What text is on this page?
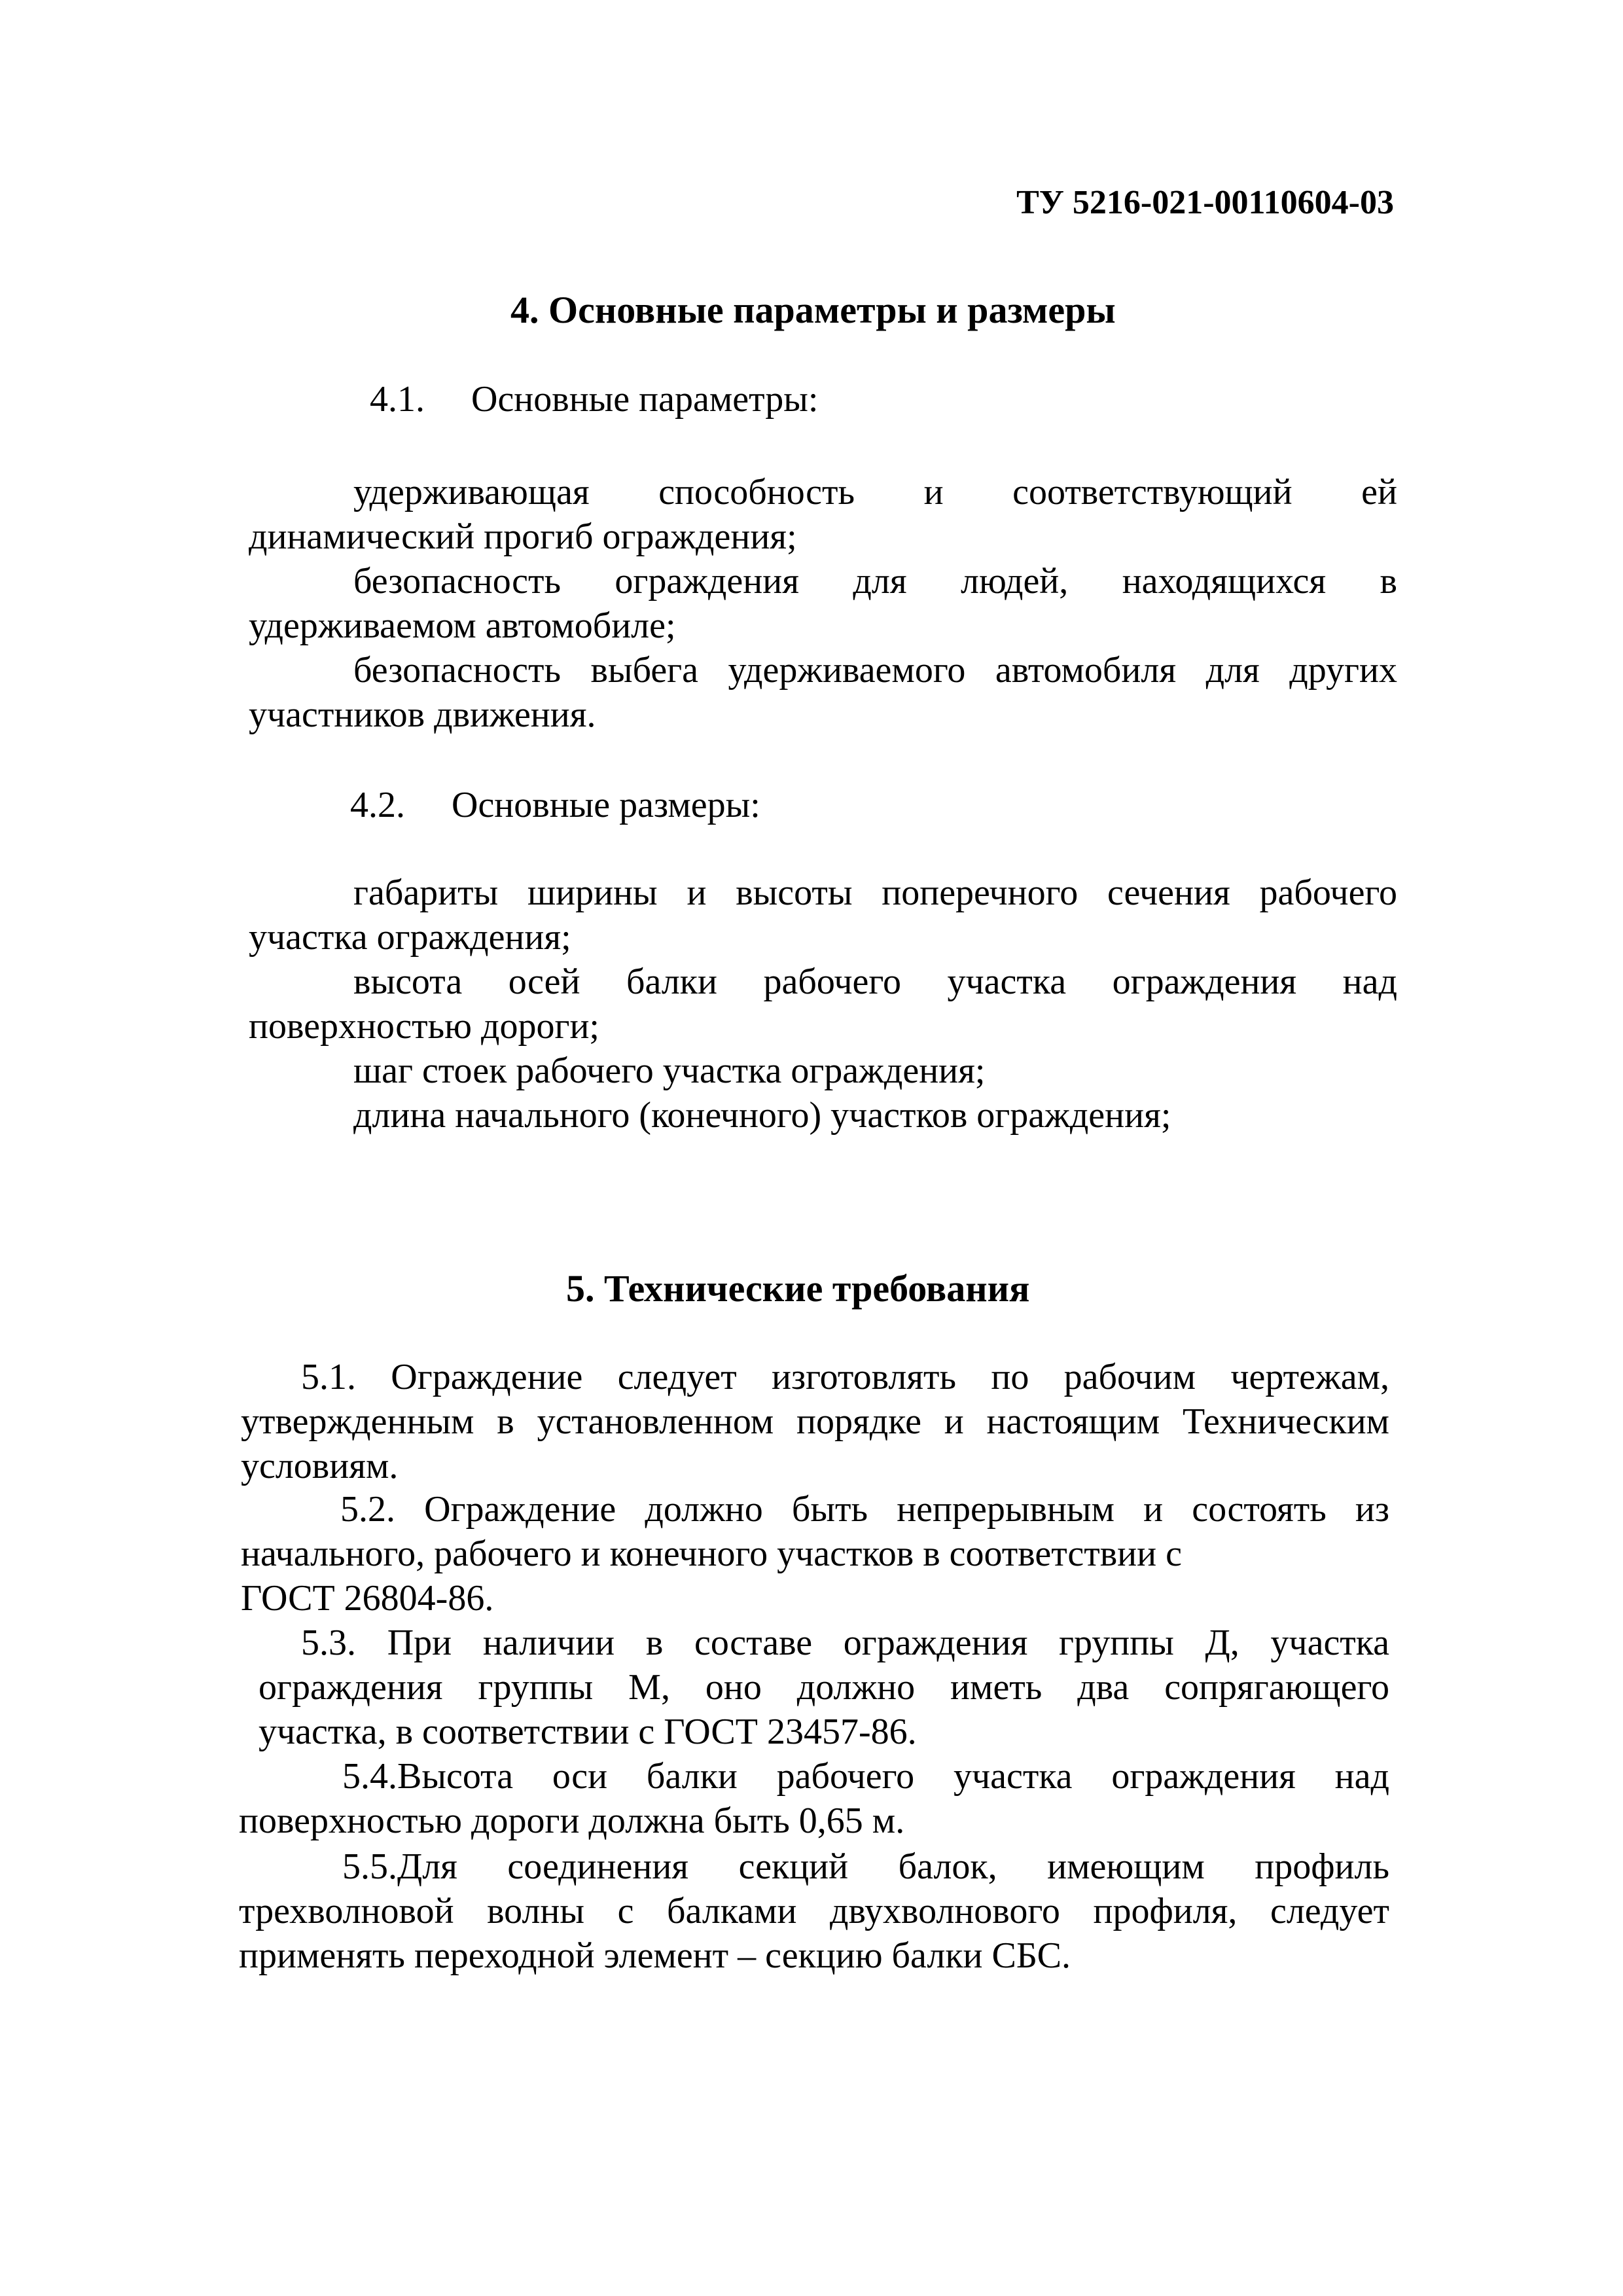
ТУ 5216-021-00110604-03
4. Основные параметры и размеры
4.1. Основные параметры:
удерживающая способность и соответствующий ей
динамический прогиб ограждения;
безопасность ограждения для людей, находящихся в
удерживаемом автомобиле;
безопасность выбега удерживаемого автомобиля для других
участников движения.
4.2. Основные размеры:
габариты ширины и высоты поперечного сечения рабочего
участка ограждения;
высота осей балки рабочего участка ограждения над
поверхностью дороги;
шаг стоек рабочего участка ограждения;
длина начального (конечного) участков ограждения;
5. Технические требования
5.1. Ограждение следует изготовлять по рабочим чертежам,
утвержденным в установленном порядке и настоящим Техническим
условиям.
5.2. Ограждение должно быть непрерывным и состоять из
начального, рабочего и конечного участков в соответствии с
ГОСТ 26804-86.
5.3. При наличии в составе ограждения группы Д, участка
ограждения группы М, оно должно иметь два сопрягающего
участка, в соответствии с ГОСТ 23457-86.
5.4.Высота оси балки рабочего участка ограждения над
поверхностью дороги должна быть 0,65 м.
5.5.Для соединения секций балок, имеющим профиль
трехволновой волны с балками двухволнового профиля, следует
применять переходной элемент – секцию балки СБС.
